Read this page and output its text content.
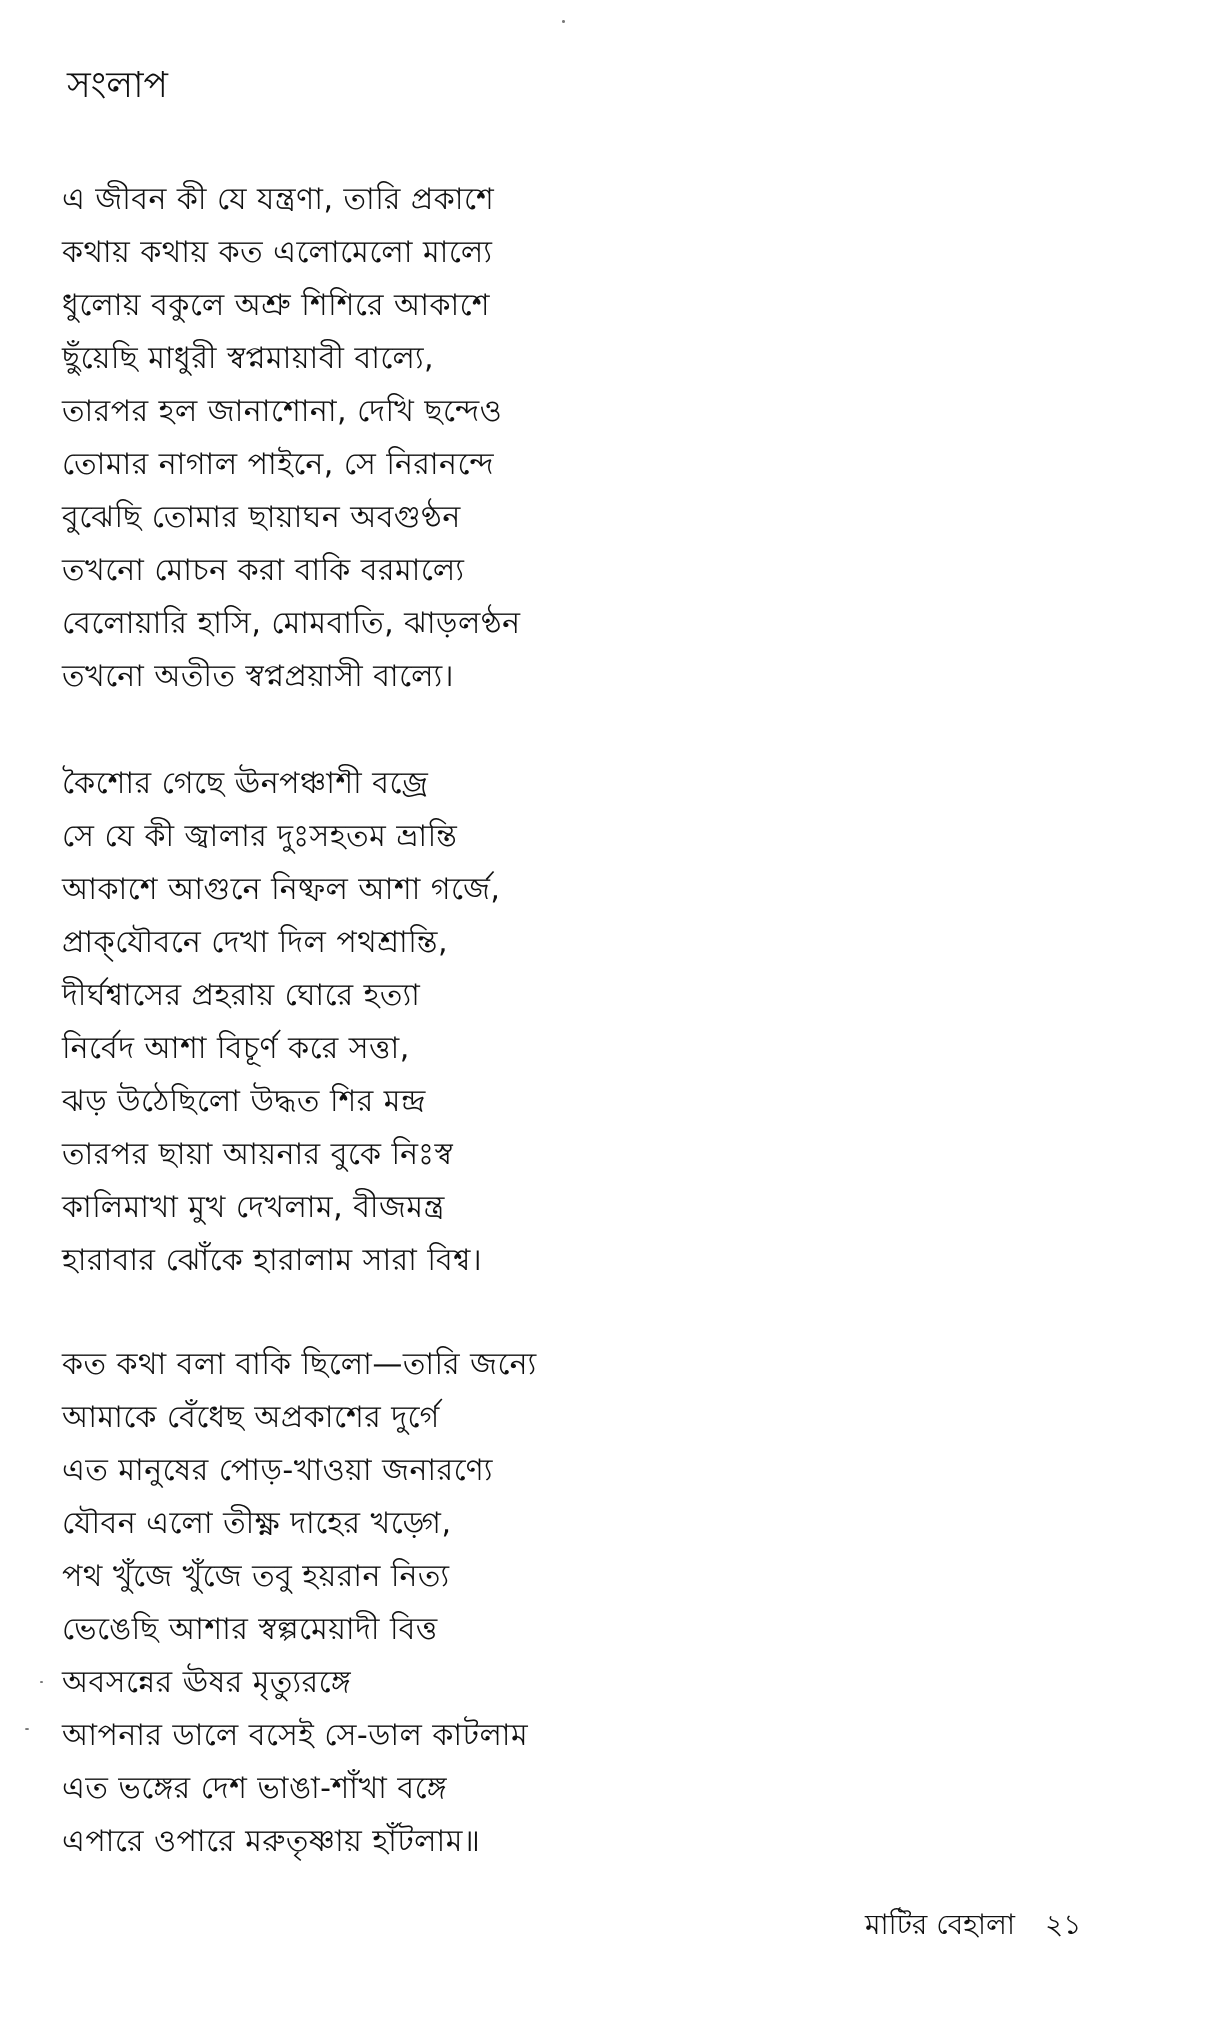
সংলাপ
এ জীবন কী যে যন্ত্রণা, তারি প্রকাশে
কথায় কথায় কত এলোমেলো মাল্যে
ধুলোয় বকুলে অশ্রু শিশিরে আকাশে
ছুঁয়েছি মাধুরী স্বপ্নমায়াবী বাল্যে,
তারপর হল জানাশোনা, দেখি ছন্দেও
তোমার নাগাল পাইনে, সে নিরানন্দে
বুঝেছি তোমার ছায়াঘন অবগুণ্ঠন
তখনো মোচন করা বাকি বরমাল্যে
বেলোয়ারি হাসি, মোমবাতি, ঝাড়লণ্ঠন
তখনো অতীত স্বপ্নপ্রয়াসী বাল্যে।
কৈশোর গেছে ঊনপঞ্চাশী বজ্রে
সে যে কী জ্বালার দুঃসহতম ভ্রান্তি
আকাশে আগুনে নিষ্ফল আশা গর্জে,
প্রাক্‌যৌবনে দেখা দিল পথশ্রান্তি,
দীর্ঘশ্বাসের প্রহরায় ঘোরে হত্যা
নির্বেদ আশা বিচূর্ণ করে সত্তা,
ঝড় উঠেছিলো উদ্ধত শির মন্দ্র
তারপর ছায়া আয়নার বুকে নিঃস্ব
কালিমাখা মুখ দেখলাম, বীজমন্ত্র
হারাবার ঝোঁকে হারালাম সারা বিশ্ব।
কত কথা বলা বাকি ছিলো—তারি জন্যে
আমাকে বেঁধেছ অপ্রকাশের দুর্গে
এত মানুষের পোড়-খাওয়া জনারণ্যে
যৌবন এলো তীক্ষ্ণ দাহের খড়্গে,
পথ খুঁজে খুঁজে তবু হয়রান নিত্য
ভেঙেছি আশার স্বল্পমেয়াদী বিত্ত
অবসন্নের ঊষর মৃত্যুরঙ্গে
আপনার ডালে বসেই সে-ডাল কাটলাম
এত ভঙ্গের দেশ ভাঙা-শাঁখা বঙ্গে
এপারে ওপারে মরুতৃষ্ণায় হাঁটলাম॥
মাটির বেহালা ২১
